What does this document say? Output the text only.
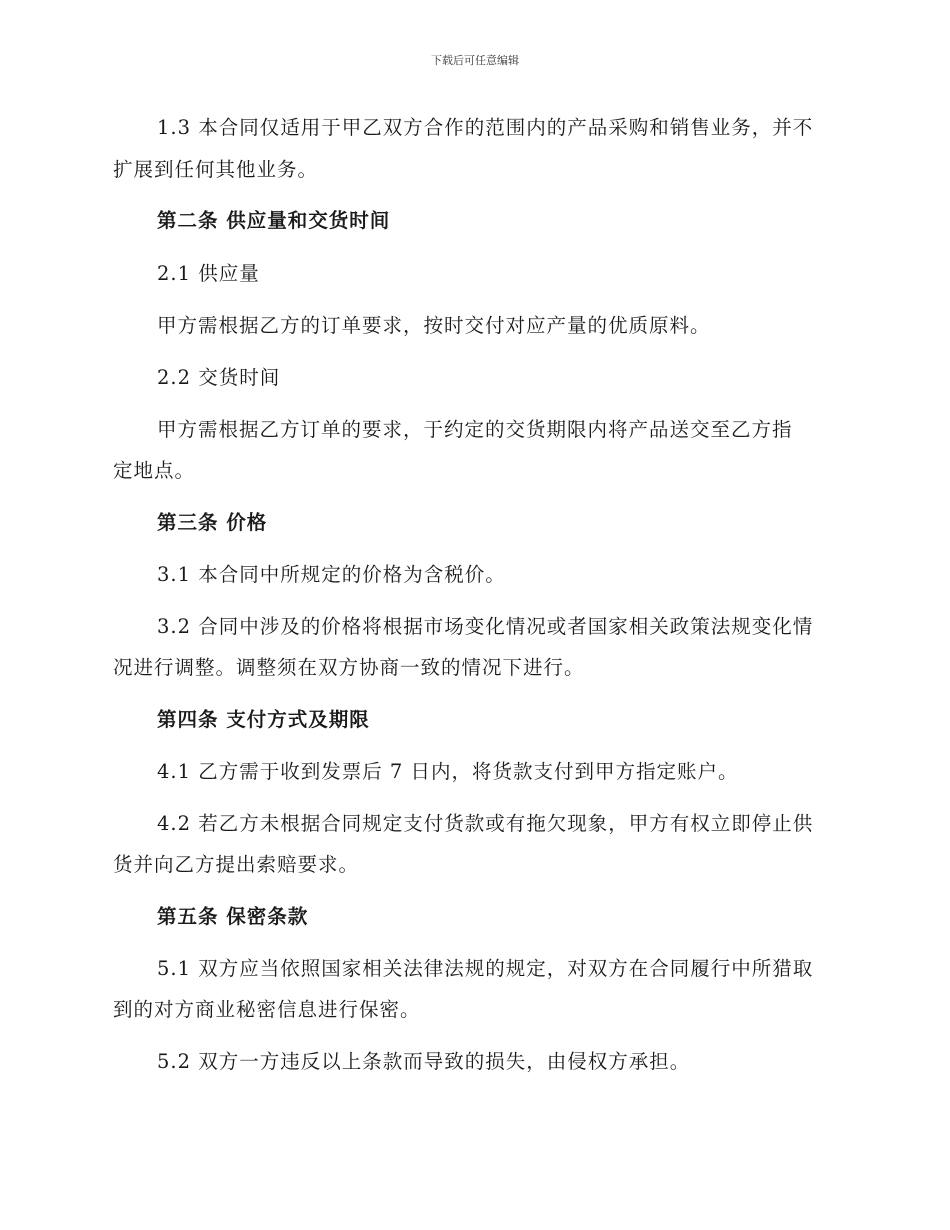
下载后可任意编辑
1.3 本合同仅适用于甲乙双方合作的范围内的产品采购和销售业务，并不
扩展到任何其他业务。
第二条 供应量和交货时间
2.1 供应量
甲方需根据乙方的订单要求，按时交付对应产量的优质原料。
2.2 交货时间
甲方需根据乙方订单的要求，于约定的交货期限内将产品送交至乙方指
定地点。
第三条 价格
3.1 本合同中所规定的价格为含税价。
3.2 合同中涉及的价格将根据市场变化情况或者国家相关政策法规变化情
况进行调整。调整须在双方协商一致的情况下进行。
第四条 支付方式及期限
4.1 乙方需于收到发票后 7 日内，将货款支付到甲方指定账户。
4.2 若乙方未根据合同规定支付货款或有拖欠现象，甲方有权立即停止供
货并向乙方提出索赔要求。
第五条 保密条款
5.1 双方应当依照国家相关法律法规的规定，对双方在合同履行中所猎取
到的对方商业秘密信息进行保密。
5.2 双方一方违反以上条款而导致的损失，由侵权方承担。
